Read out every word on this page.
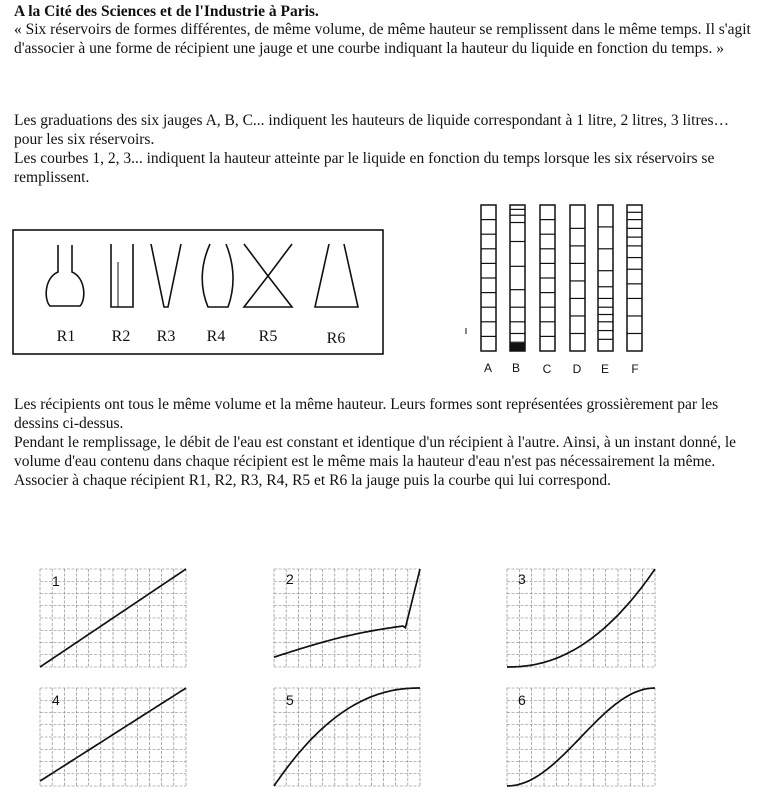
A la Cité des Sciences et de l'Industrie à Paris.

« Six réservoirs de formes différentes, de même volume, de même hauteur se remplissent dans le même temps. Il s'agit d'associer à une forme de récipient une jauge et une courbe indiquant la hauteur du liquide en fonction du temps. »

Les graduations des six jauges A, B, C... indiquent les hauteurs de liquide correspondant à 1 litre, 2 litres, 3 litres…pour les six réservoirs.
Les courbes 1, 2, 3... indiquent la hauteur atteinte par le liquide en fonction du temps lorsque les six réservoirs se remplissent.
R1 R2 R3 R4 R5	R6
A B C D E F
1	2	3
4	5	6
Les récipients ont tous le même volume et la même hauteur. Leurs formes sont représentées grossièrement par les dessins ci-dessus.
Pendant le remplissage, le débit de l'eau est constant et identique d'un récipient à l'autre. Ainsi, à un instant donné, le volume d'eau contenu dans chaque récipient est le même mais la hauteur d'eau n'est pas nécessairement la même.
Associer à chaque récipient R1, R2, R3, R4, R5 et R6 la jauge puis la courbe qui lui correspond.
